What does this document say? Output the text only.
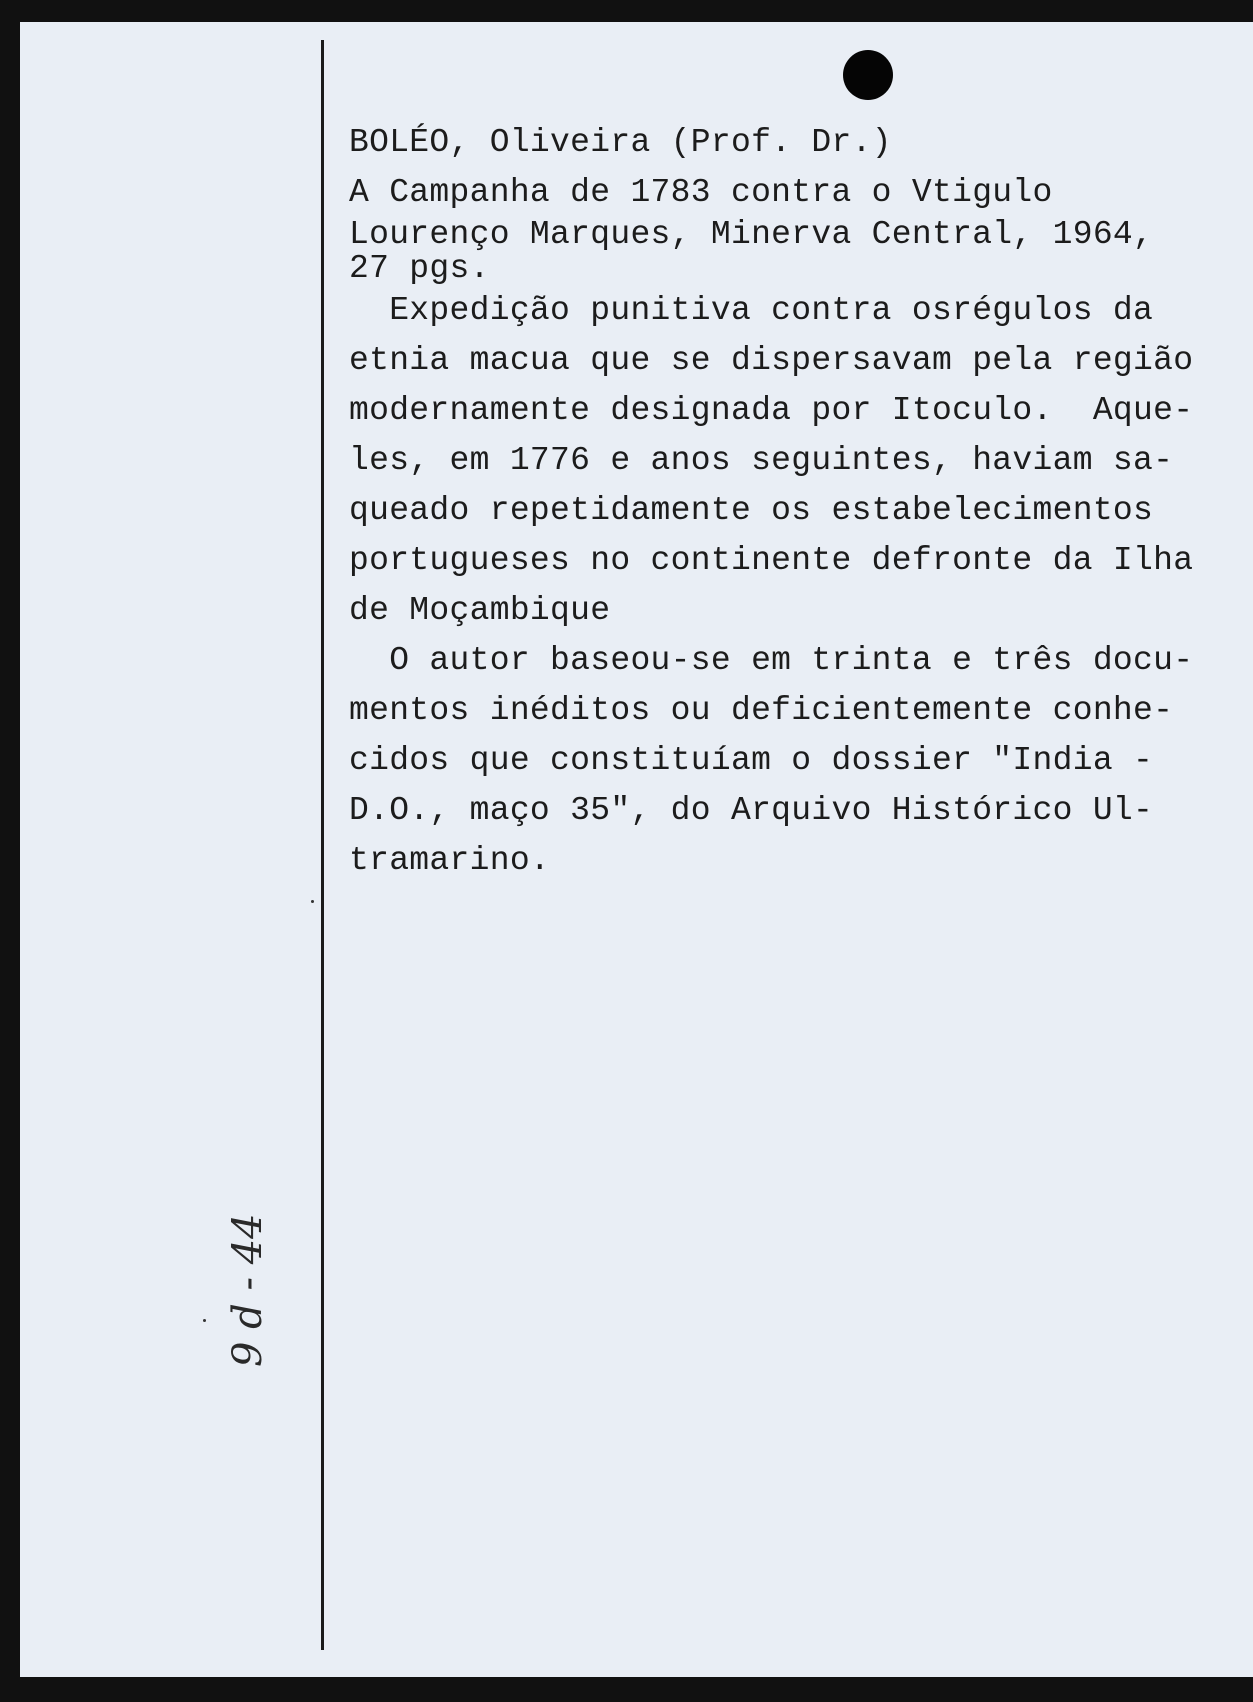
BOLÉO, Oliveira (Prof. Dr.)
A Campanha de 1783 contra o Vtigulo
Lourenço Marques, Minerva Central, 1964,
27 pgs.
Expedição punitiva contra osrégulos da
etnia macua que se dispersavam pela região
modernamente designada por Itoculo.  Aque-
les, em 1776 e anos seguintes, haviam sa-
queado repetidamente os estabelecimentos
portugueses no continente defronte da Ilha
de Moçambique
O autor baseou-se em trinta e três docu-
mentos inéditos ou deficientemente conhe-
cidos que constituíam o dossier "India -
D.O., maço 35", do Arquivo Histórico Ul-
tramarino.
9 d - 44
